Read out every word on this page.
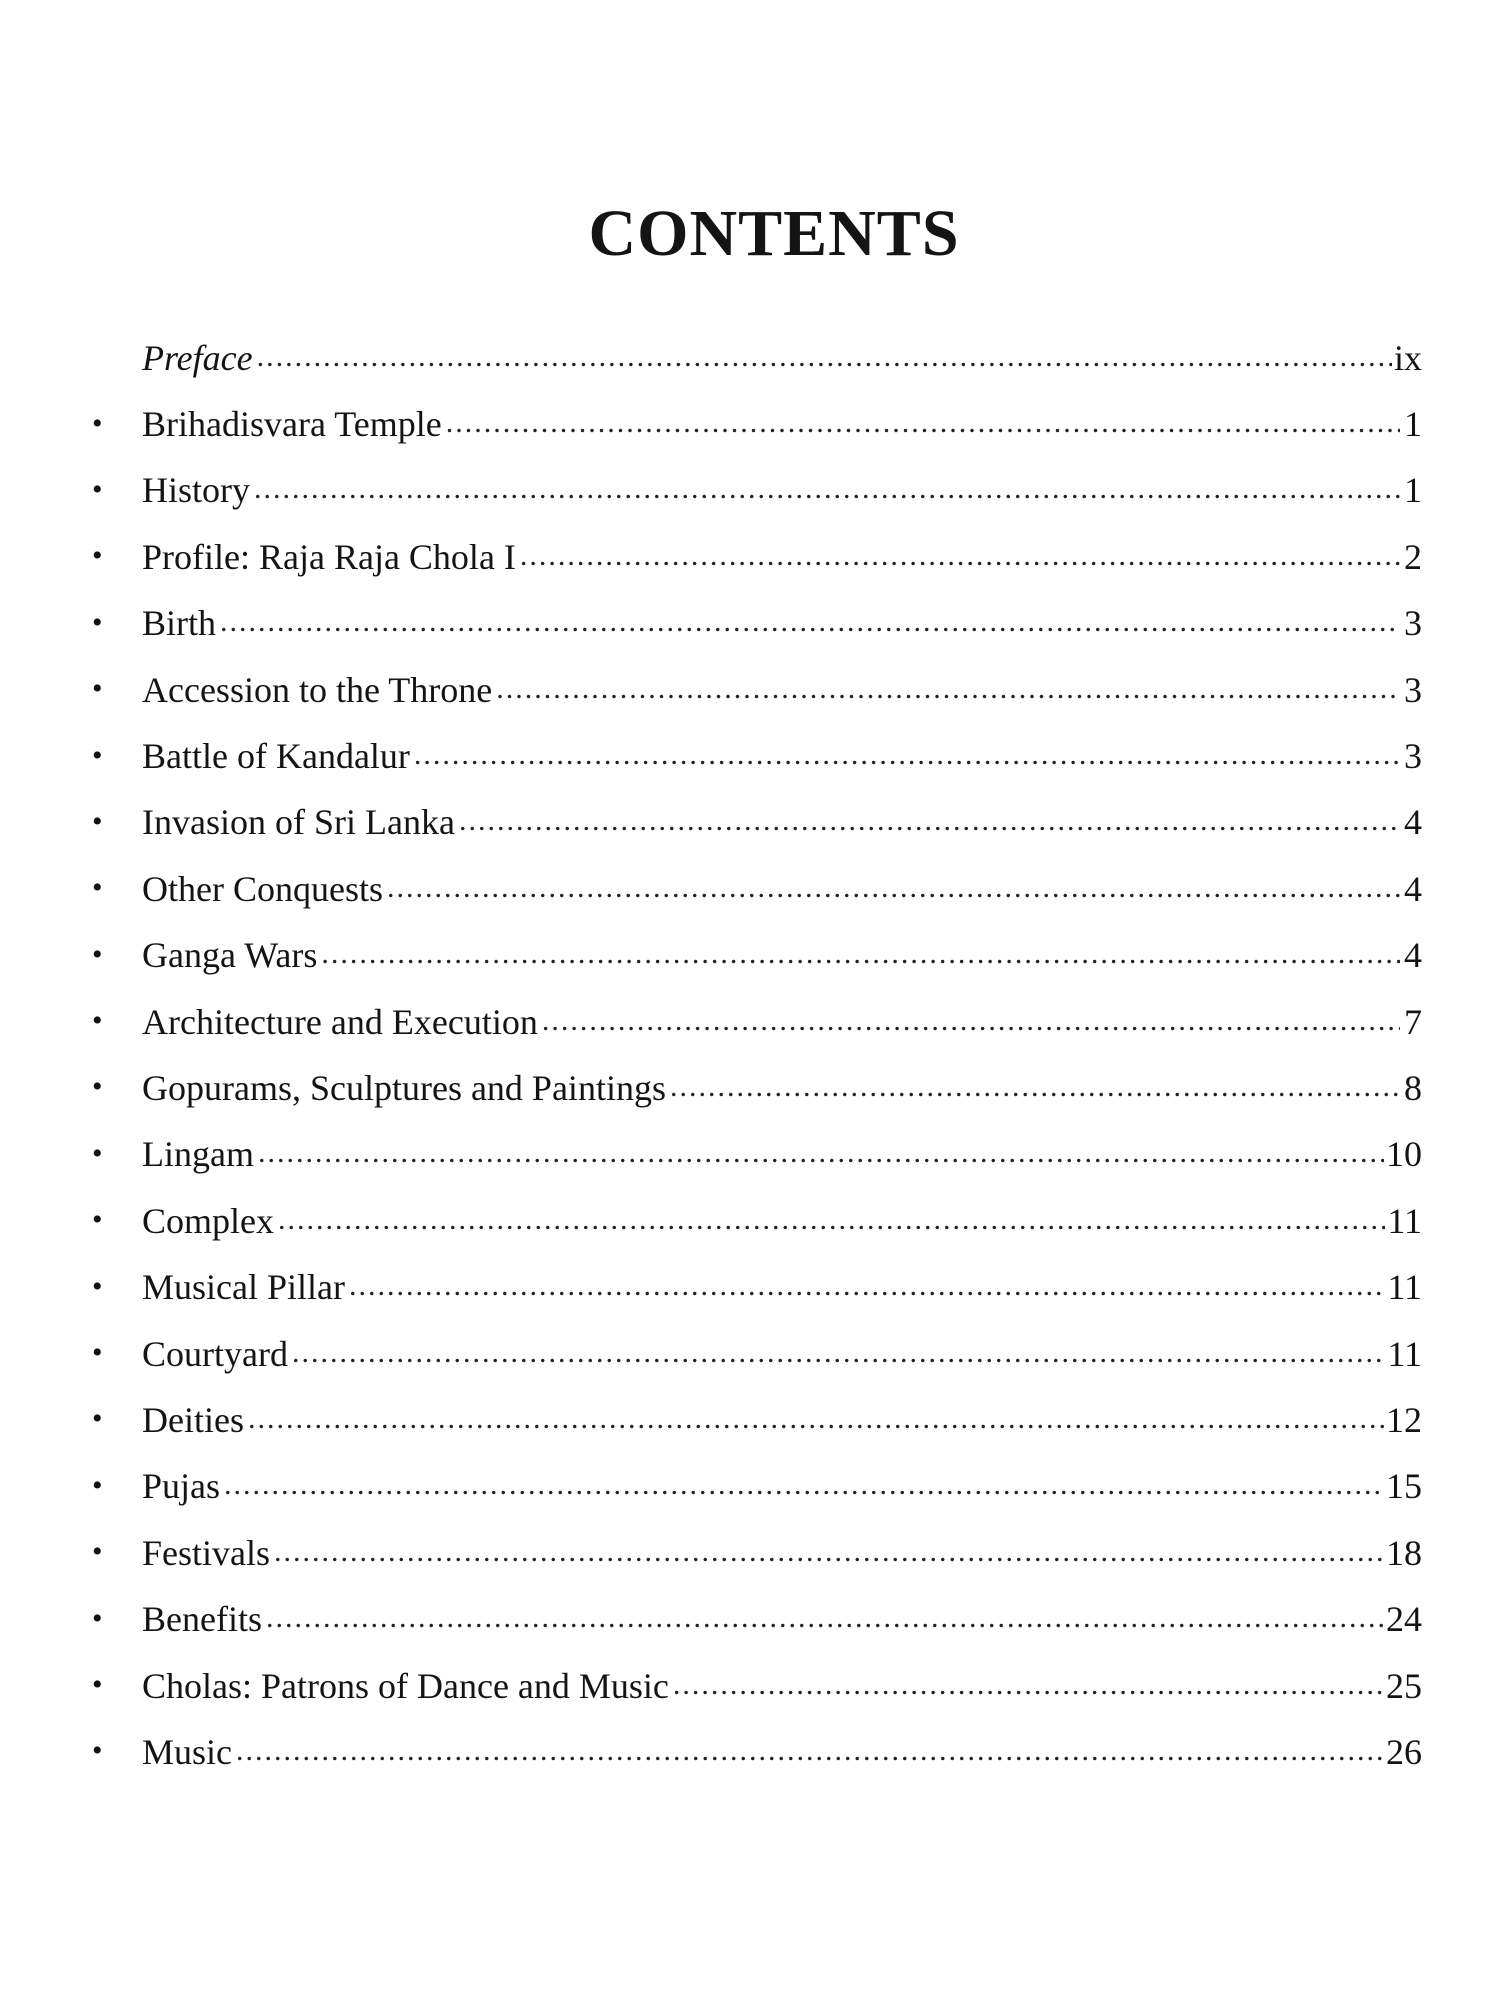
CONTENTS
Preface .....	ix
•	Brihadisvara Temple .....	1
•	History .....	1
•	Profile: Raja Raja Chola I .....	2
•	Birth .....	3
•	Accession to the Throne .....	3
•	Battle of Kandalur .....	3
•	Invasion of Sri Lanka .....	4
•	Other Conquests .....	4
•	Ganga Wars .....	4
•	Architecture and Execution .....	7
•	Gopurams, Sculptures and Paintings .....	8
•	Lingam .....	10
•	Complex .....	11
•	Musical Pillar .....	11
•	Courtyard .....	11
•	Deities .....	12
•	Pujas .....	15
•	Festivals .....	18
•	Benefits .....	24
•	Cholas: Patrons of Dance and Music .....	25
•	Music .....	26
